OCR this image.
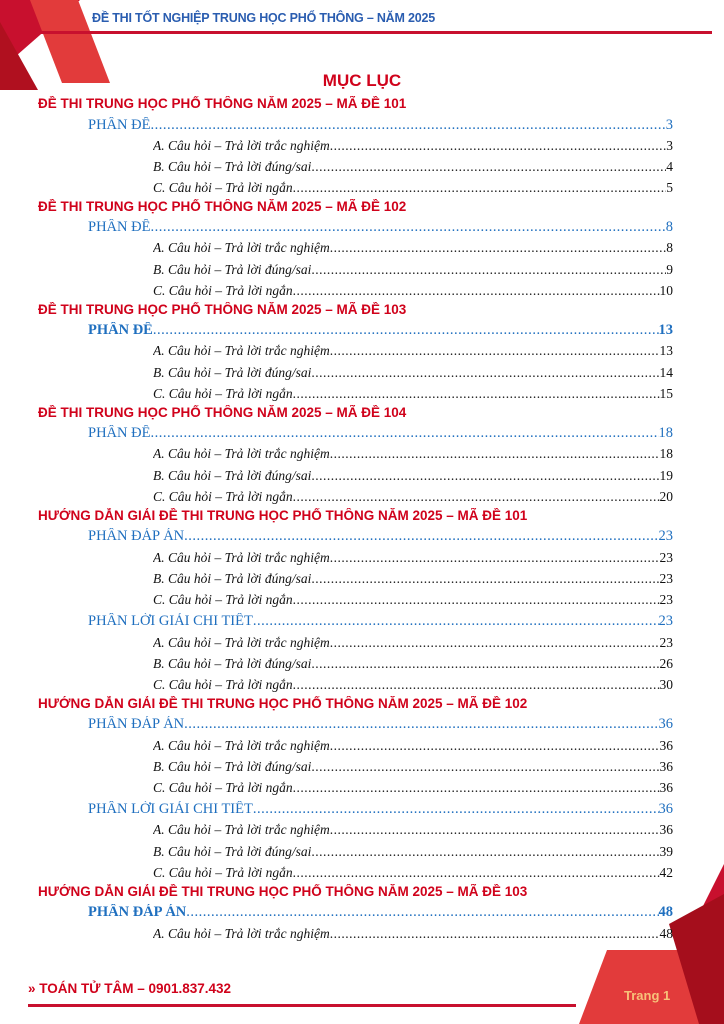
ĐỀ THI TỐT NGHIỆP TRUNG HỌC PHỔ THÔNG – NĂM 2025
MỤC LỤC
ĐỀ THI TRUNG HỌC PHỔ THÔNG NĂM 2025 – MÃ ĐỀ 101
PHẦN ĐỀ .....	3
A. Câu hỏi – Trả lời trắc nghiệm .....	3
B. Câu hỏi – Trả lời đúng/sai .....	4
C. Câu hỏi – Trả lời ngắn .....	5
ĐỀ THI TRUNG HỌC PHỔ THÔNG NĂM 2025 – MÃ ĐỀ 102
PHẦN ĐỀ .....	8
A. Câu hỏi – Trả lời trắc nghiệm .....	8
B. Câu hỏi – Trả lời đúng/sai .....	9
C. Câu hỏi – Trả lời ngắn .....	10
ĐỀ THI TRUNG HỌC PHỔ THÔNG NĂM 2025 – MÃ ĐỀ 103
PHẦN ĐỀ .....	13
A. Câu hỏi – Trả lời trắc nghiệm .....	13
B. Câu hỏi – Trả lời đúng/sai .....	14
C. Câu hỏi – Trả lời ngắn .....	15
ĐỀ THI TRUNG HỌC PHỔ THÔNG NĂM 2025 – MÃ ĐỀ 104
PHẦN ĐỀ .....	18
A. Câu hỏi – Trả lời trắc nghiệm .....	18
B. Câu hỏi – Trả lời đúng/sai .....	19
C. Câu hỏi – Trả lời ngắn .....	20
HƯỚNG DẪN GIẢI ĐỀ THI TRUNG HỌC PHỔ THÔNG NĂM 2025 – MÃ ĐỀ 101
PHẦN ĐÁP ÁN .....	23
A. Câu hỏi – Trả lời trắc nghiệm .....	23
B. Câu hỏi – Trả lời đúng/sai .....	23
C. Câu hỏi – Trả lời ngắn .....	23
PHẦN LỜI GIẢI CHI TIẾT .....	23
A. Câu hỏi – Trả lời trắc nghiệm .....	23
B. Câu hỏi – Trả lời đúng/sai .....	26
C. Câu hỏi – Trả lời ngắn .....	30
HƯỚNG DẪN GIẢI ĐỀ THI TRUNG HỌC PHỔ THÔNG NĂM 2025 – MÃ ĐỀ 102
PHẦN ĐÁP ÁN .....	36
A. Câu hỏi – Trả lời trắc nghiệm .....	36
B. Câu hỏi – Trả lời đúng/sai .....	36
C. Câu hỏi – Trả lời ngắn .....	36
PHẦN LỜI GIẢI CHI TIẾT .....	36
A. Câu hỏi – Trả lời trắc nghiệm .....	36
B. Câu hỏi – Trả lời đúng/sai .....	39
C. Câu hỏi – Trả lời ngắn .....	42
HƯỚNG DẪN GIẢI ĐỀ THI TRUNG HỌC PHỔ THÔNG NĂM 2025 – MÃ ĐỀ 103
PHẦN ĐÁP ÁN .....	48
A. Câu hỏi – Trả lời trắc nghiệm .....	48
» TOÁN TỬ TÂM – 0901.837.432	Trang 1
